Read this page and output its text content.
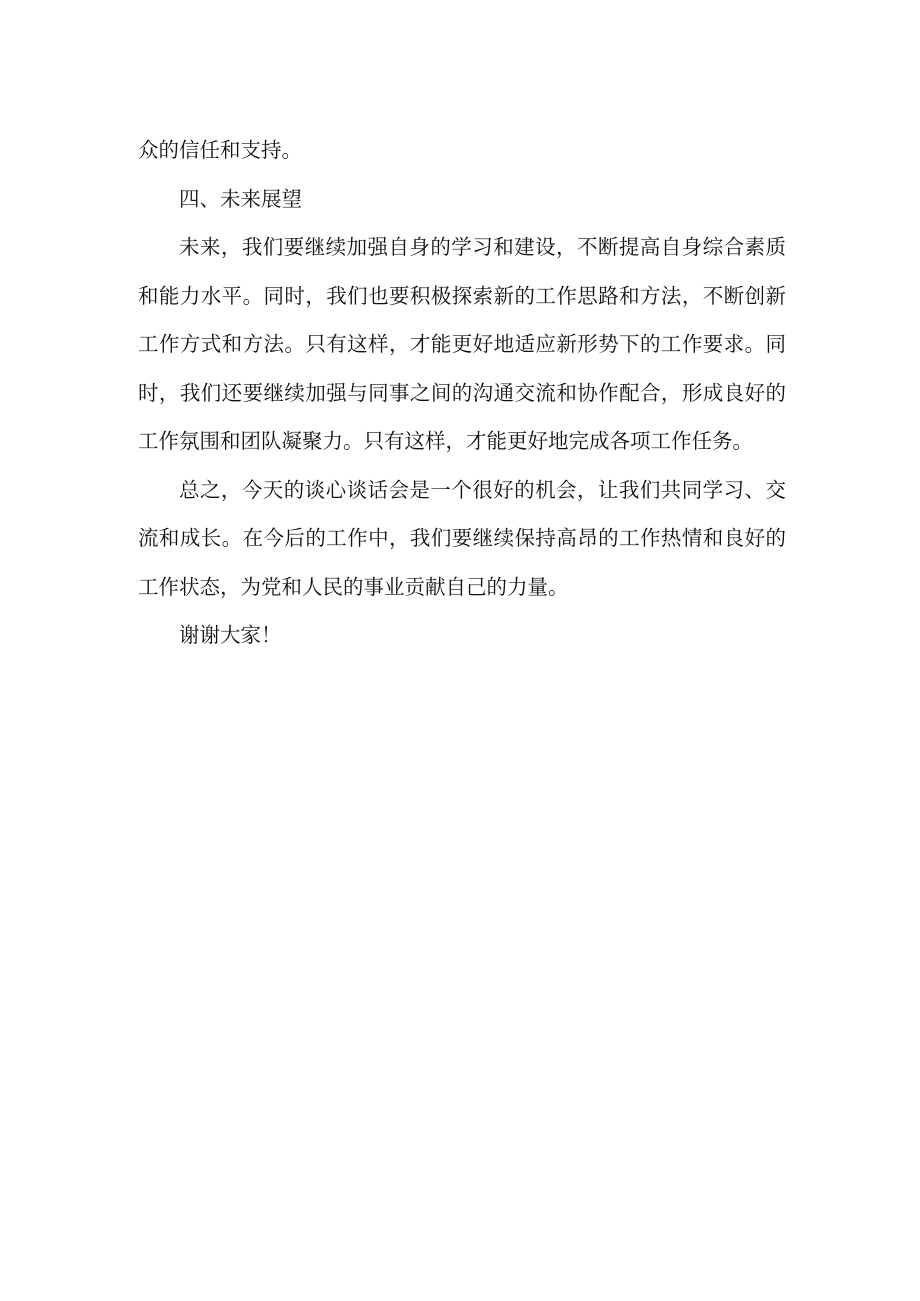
众的信任和支持。

四、未来展望

未来，我们要继续加强自身的学习和建设，不断提高自身综合素质和能力水平。同时，我们也要积极探索新的工作思路和方法，不断创新工作方式和方法。只有这样，才能更好地适应新形势下的工作要求。同时，我们还要继续加强与同事之间的沟通交流和协作配合，形成良好的工作氛围和团队凝聚力。只有这样，才能更好地完成各项工作任务。

总之，今天的谈心谈话会是一个很好的机会，让我们共同学习、交流和成长。在今后的工作中，我们要继续保持高昂的工作热情和良好的工作状态，为党和人民的事业贡献自己的力量。

谢谢大家！
